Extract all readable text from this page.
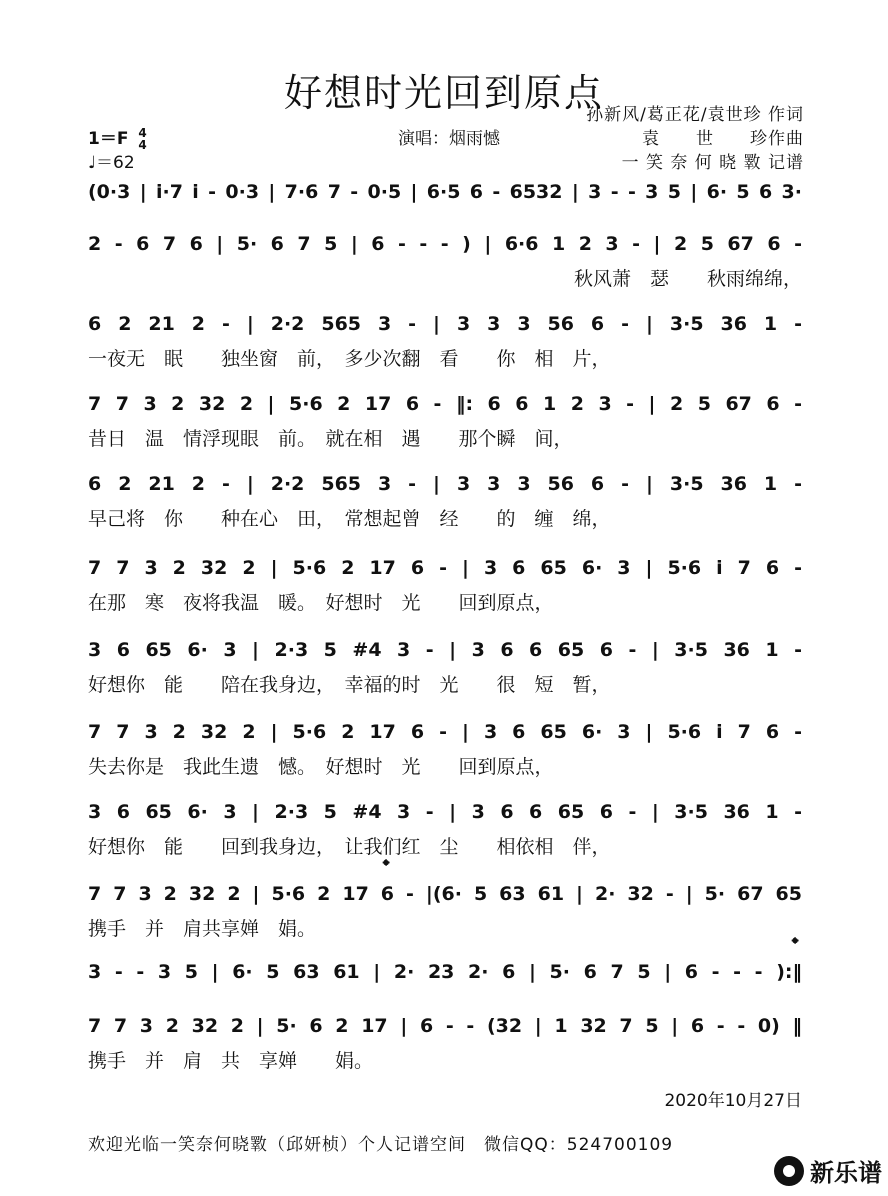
好想时光回到原点
孙新风/葛正花/袁世珍 作词
袁　　世　　珍作曲
一 笑 奈 何 晓 斁 记谱
1＝F 4
4
♩＝62
演唱：烟雨憾
(0·3 | i·7 i - 0·3 | 7·6 7 - 0·5 | 6·5 6 - 6532 | 3 - - 3 5 | 6· 5 6 3·
2 - 6 7 6 | 5· 6 7 5 | 6 - - - ) | 6·6 1 2 3 - | 2 5 67 6 -
秋风萧　瑟　　秋雨绵绵，
6 2 21 2 - | 2·2 565 3 - | 3 3 3 56 6 - | 3·5 36 1 -
一夜无　眠　　独坐窗　前，　多少次翻　看　　你　相　片，
7 7 3 2 32 2 | 5·6 2 17 6 - ‖: 6 6 1 2 3 - | 2 5 67 6 -
昔日　温　情浮现眼　前。　就在相　遇　　那个瞬　间，
6 2 21 2 - | 2·2 565 3 - | 3 3 3 56 6 - | 3·5 36 1 -
早己将　你　　种在心　田，　常想起曾　经　　的　缠　绵，
7 7 3 2 32 2 | 5·6 2 17 6 - | 3 6 65 6· 3 | 5·6 i 7 6 -
在那　寒　夜将我温　暖。　好想时　光　　回到原点，
3 6 65 6· 3 | 2·3 5 #4 3 - | 3 6 6 65 6 - | 3·5 36 1 -
好想你　能　　陪在我身边，　幸福的时　光　　很　短　暂，
7 7 3 2 32 2 | 5·6 2 17 6 - | 3 6 65 6· 3 | 5·6 i 7 6 -
失去你是　我此生遗　憾。　好想时　光　　回到原点，
3 6 65 6· 3 | 2·3 5 #4 3 - | 3 6 6 65 6 - | 3·5 36 1 -
好想你　能　　回到我身边，　让我们红　尘　　相依相　伴，
𝄌
7 7 3 2 32 2 | 5·6 2 17 6 - |(6· 5 63 61 | 2· 32 - | 5· 67 65
携手　并　肩共享婵　娟。
𝄌
3 - - 3 5 | 6· 5 63 61 | 2· 23 2· 6 | 5· 6 7 5 | 6 - - - ):‖
7 7 3 2 32 2 | 5· 6 2 17 | 6 - - (32 | 1 32 7 5 | 6 - - 0) ‖
携手　并　肩　共　享婵　　娟。
2020年10月27日
欢迎光临一笑奈何晓斁（邱妍桢）个人记谱空间　微信QQ：524700109
新乐谱
